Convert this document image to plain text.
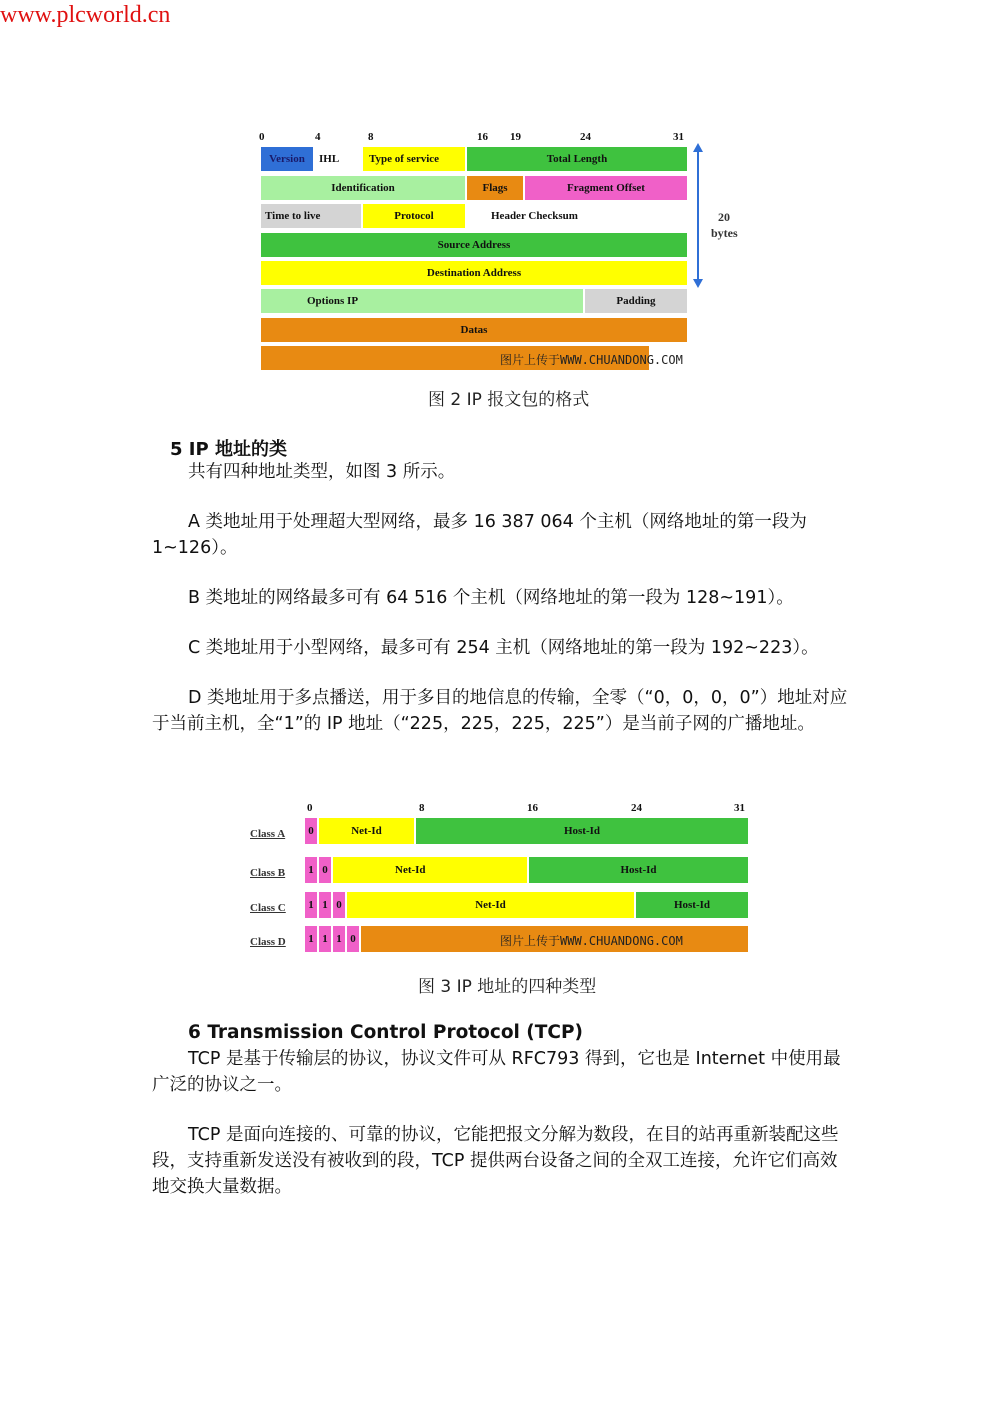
www.plcworld.cn
0	4	8	16 19	24	31
Version	IHL	Type of service	Total Length
Identification	Flags	Fragment Offset
Time to live	Protocol	Header Checksum
Source Address
Destination Address
Options IP	Padding
Datas
图片上传于WWW.CHUANDONG.COM
20
bytes
图 2 IP 报文包的格式
5 IP 地址的类
共有四种地址类型，如图 3 所示。
A 类地址用于处理超大型网络，最多 16 387 064 个主机（网络地址的第一段为 1~126）。
B 类地址的网络最多可有 64 516 个主机（网络地址的第一段为 128~191）。
C 类地址用于小型网络，最多可有 254 主机（网络地址的第一段为 192~223）。
D 类地址用于多点播送，用于多目的地信息的传输，全零（“0，0，0，0”）地址对应于当前主机，全“1”的 IP 地址（“225，225，225，225”）是当前子网的广播地址。
0	8	16	24	31
Class A 0	Net-Id	Host-Id
Class B 1 0	Net-Id	Host-Id
Class C 1 1 0	Net-Id	Host-Id
Class D 1 1 1 0	图片上传于WWW.CHUANDONG.COM
图 3 IP 地址的四种类型
6 Transmission Control Protocol (TCP)
TCP 是基于传输层的协议，协议文件可从 RFC793 得到，它也是 Internet 中使用最广泛的协议之一。
TCP 是面向连接的、可靠的协议，它能把报文分解为数段，在目的站再重新装配这些段，支持重新发送没有被收到的段，TCP 提供两台设备之间的全双工连接，允许它们高效地交换大量数据。
